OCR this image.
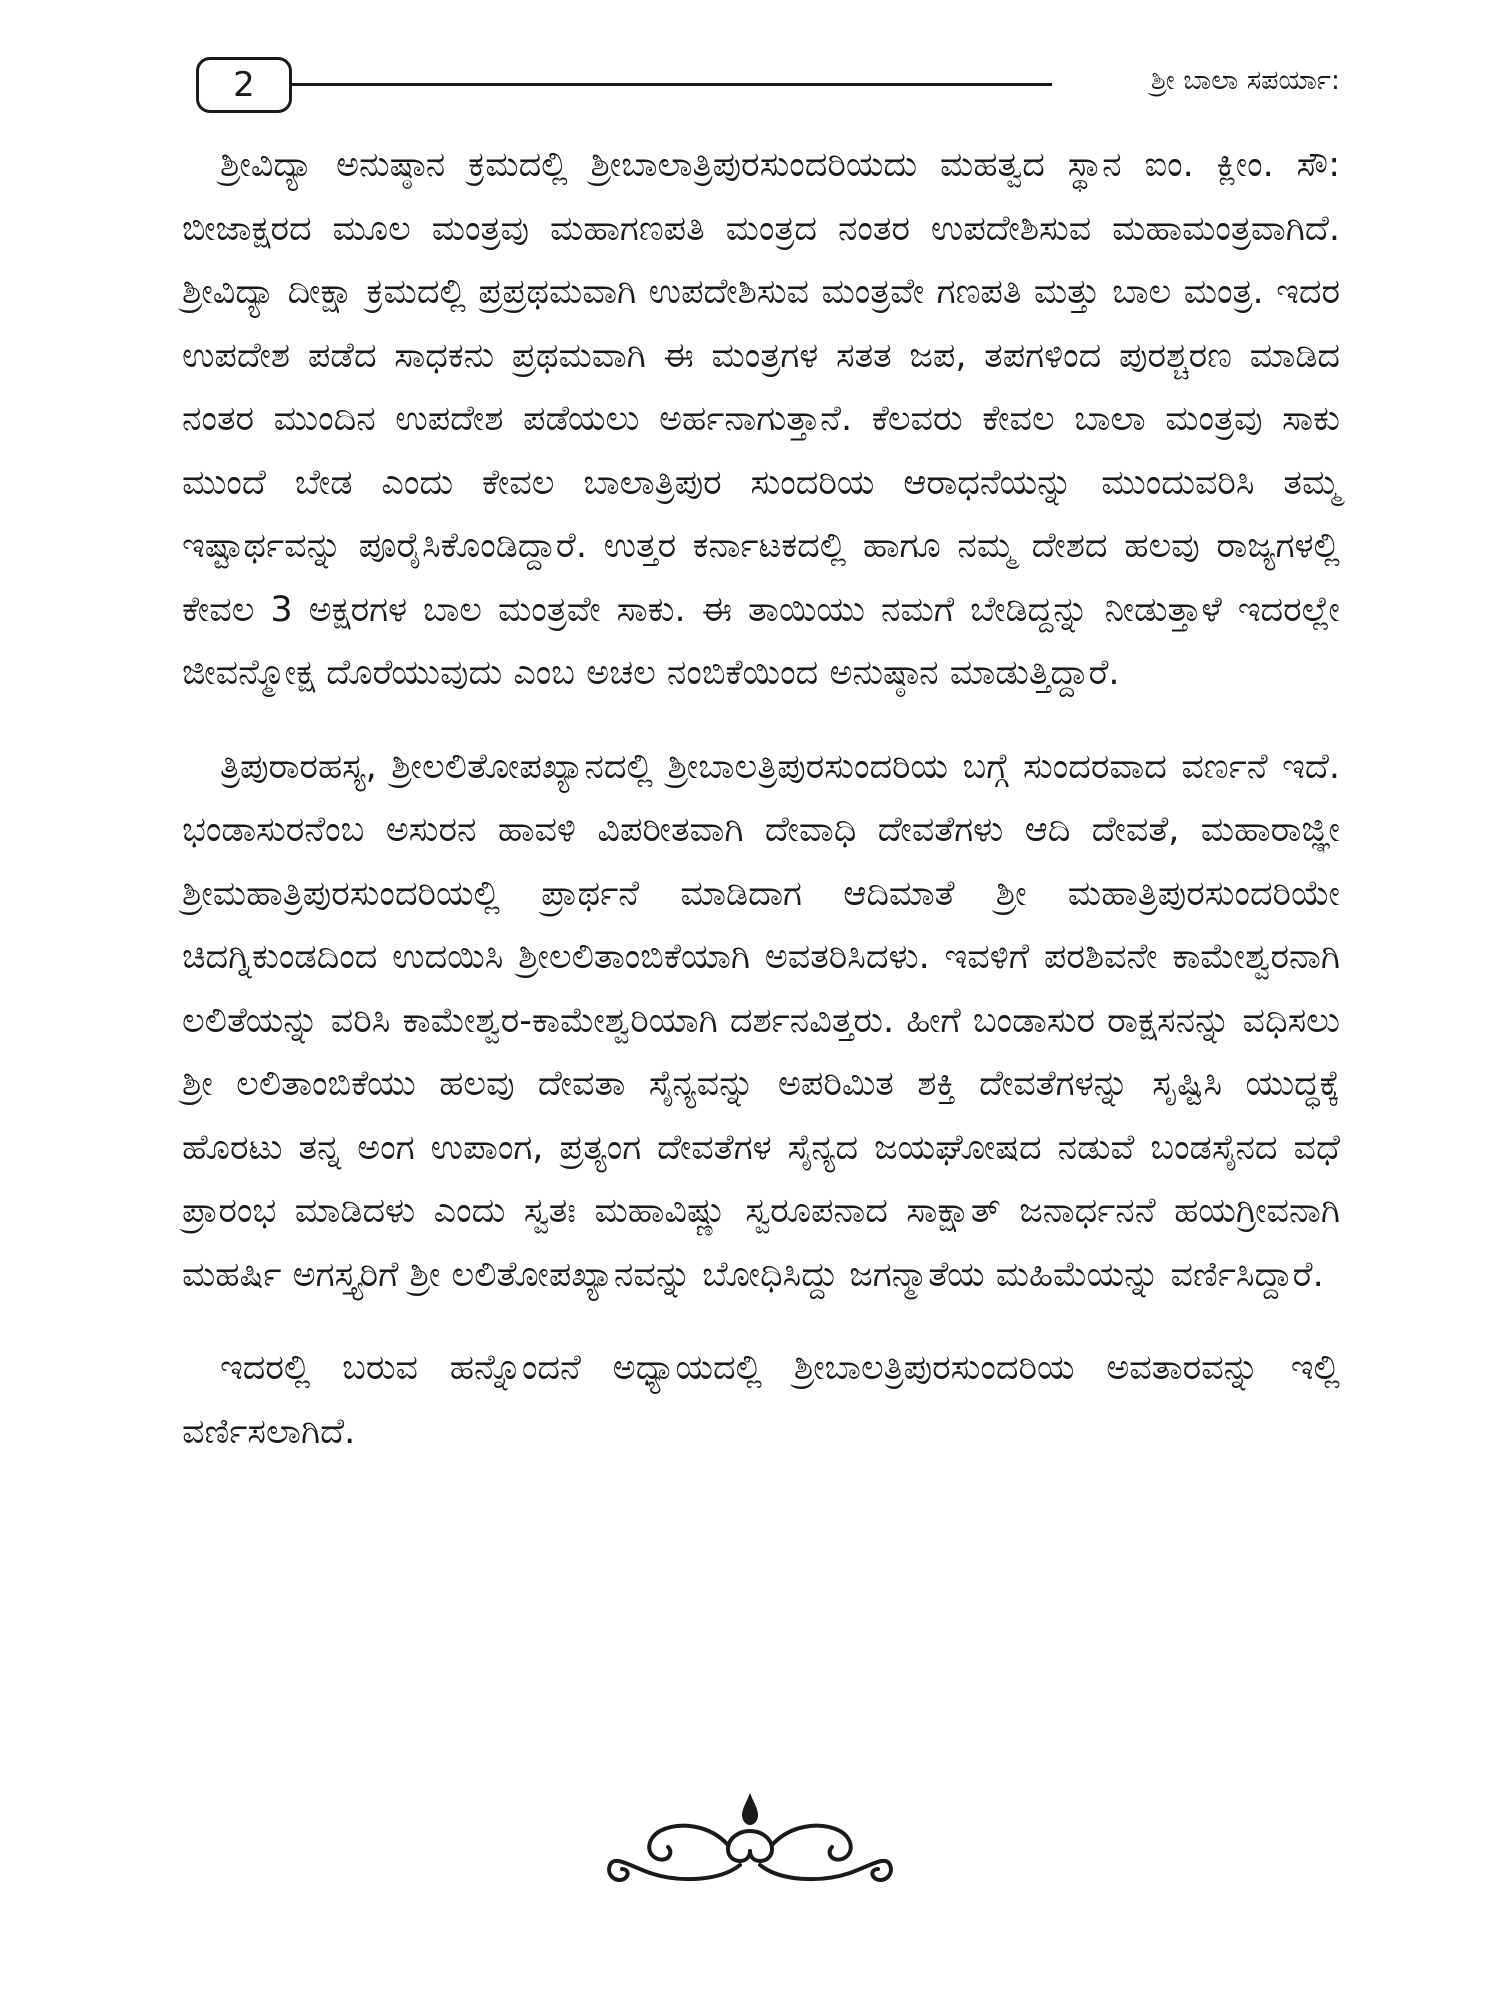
2	ಶ್ರೀ ಬಾಲಾ ಸಪರ್ಯಾ:

ಶ್ರೀವಿದ್ಯಾ ಅನುಷ್ಠಾನ ಕ್ರಮದಲ್ಲಿ ಶ್ರೀಬಾಲಾತ್ರಿಪುರಸುಂದರಿಯದು ಮಹತ್ವದ ಸ್ಥಾನ ಐಂ. ಕ್ಲೀಂ. ಸೌ: ಬೀಜಾಕ್ಷರದ ಮೂಲ ಮಂತ್ರವು ಮಹಾಗಣಪತಿ ಮಂತ್ರದ ನಂತರ ಉಪದೇಶಿಸುವ ಮಹಾಮಂತ್ರವಾಗಿದೆ. ಶ್ರೀವಿದ್ಯಾ ದೀಕ್ಷಾ ಕ್ರಮದಲ್ಲಿ ಪ್ರಪ್ರಥಮವಾಗಿ ಉಪದೇಶಿಸುವ ಮಂತ್ರವೇ ಗಣಪತಿ ಮತ್ತು ಬಾಲ ಮಂತ್ರ. ಇದರ ಉಪದೇಶ ಪಡೆದ ಸಾಧಕನು ಪ್ರಥಮವಾಗಿ ಈ ಮಂತ್ರಗಳ ಸತತ ಜಪ, ತಪಗಳಿಂದ ಪುರಶ್ಚರಣ ಮಾಡಿದ ನಂತರ ಮುಂದಿನ ಉಪದೇಶ ಪಡೆಯಲು ಅರ್ಹನಾಗುತ್ತಾನೆ. ಕೆಲವರು ಕೇವಲ ಬಾಲಾ ಮಂತ್ರವು ಸಾಕು ಮುಂದೆ ಬೇಡ ಎಂದು ಕೇವಲ ಬಾಲಾತ್ರಿಪುರ ಸುಂದರಿಯ ಆರಾಧನೆಯನ್ನು ಮುಂದುವರಿಸಿ ತಮ್ಮ ಇಷ್ಟಾರ್ಥವನ್ನು ಪೂರೈಸಿಕೊಂಡಿದ್ದಾರೆ. ಉತ್ತರ ಕರ್ನಾಟಕದಲ್ಲಿ ಹಾಗೂ ನಮ್ಮ ದೇಶದ ಹಲವು ರಾಜ್ಯಗಳಲ್ಲಿ ಕೇವಲ 3 ಅಕ್ಷರಗಳ ಬಾಲ ಮಂತ್ರವೇ ಸಾಕು. ಈ ತಾಯಿಯು ನಮಗೆ ಬೇಡಿದ್ದನ್ನು ನೀಡುತ್ತಾಳೆ ಇದರಲ್ಲೇ ಜೀವನ್ಮೋಕ್ಷ ದೊರೆಯುವುದು ಎಂಬ ಅಚಲ ನಂಬಿಕೆಯಿಂದ ಅನುಷ್ಠಾನ ಮಾಡುತ್ತಿದ್ದಾರೆ.

ತ್ರಿಪುರಾರಹಸ್ಯ, ಶ್ರೀಲಲಿತೋಪಖ್ಯಾನದಲ್ಲಿ ಶ್ರೀಬಾಲತ್ರಿಪುರಸುಂದರಿಯ ಬಗ್ಗೆ ಸುಂದರವಾದ ವರ್ಣನೆ ಇದೆ. ಭಂಡಾಸುರನೆಂಬ ಅಸುರನ ಹಾವಳಿ ವಿಪರೀತವಾಗಿ ದೇವಾಧಿ ದೇವತೆಗಳು ಆದಿ ದೇವತೆ, ಮಹಾರಾಜ್ಞೀ ಶ್ರೀಮಹಾತ್ರಿಪುರಸುಂದರಿಯಲ್ಲಿ ಪ್ರಾರ್ಥನೆ ಮಾಡಿದಾಗ ಆದಿಮಾತೆ ಶ್ರೀ ಮಹಾತ್ರಿಪುರಸುಂದರಿಯೇ ಚಿದಗ್ನಿಕುಂಡದಿಂದ ಉದಯಿಸಿ ಶ್ರೀಲಲಿತಾಂಬಿಕೆಯಾಗಿ ಅವತರಿಸಿದಳು. ಇವಳಿಗೆ ಪರಶಿವನೇ ಕಾಮೇಶ್ವರನಾಗಿ ಲಲಿತೆಯನ್ನು ವರಿಸಿ ಕಾಮೇಶ್ವರ-ಕಾಮೇಶ್ವರಿಯಾಗಿ ದರ್ಶನವಿತ್ತರು. ಹೀಗೆ ಬಂಡಾಸುರ ರಾಕ್ಷಸನನ್ನು ವಧಿಸಲು ಶ್ರೀ ಲಲಿತಾಂಬಿಕೆಯು ಹಲವು ದೇವತಾ ಸೈನ್ಯವನ್ನು ಅಪರಿಮಿತ ಶಕ್ತಿ ದೇವತೆಗಳನ್ನು ಸೃಷ್ಟಿಸಿ ಯುದ್ಧಕ್ಕೆ ಹೊರಟು ತನ್ನ ಅಂಗ ಉಪಾಂಗ, ಪ್ರತ್ಯಂಗ ದೇವತೆಗಳ ಸೈನ್ಯದ ಜಯಘೋಷದ ನಡುವೆ ಬಂಡಸೈನದ ವಧೆ ಪ್ರಾರಂಭ ಮಾಡಿದಳು ಎಂದು ಸ್ವತಃ ಮಹಾವಿಷ್ಣು ಸ್ವರೂಪನಾದ ಸಾಕ್ಷಾತ್ ಜನಾರ್ಧನನೆ ಹಯಗ್ರೀವನಾಗಿ ಮಹರ್ಷಿ ಅಗಸ್ತ್ಯರಿಗೆ ಶ್ರೀ ಲಲಿತೋಪಖ್ಯಾನವನ್ನು ಬೋಧಿಸಿದ್ದು ಜಗನ್ಮಾತೆಯ ಮಹಿಮೆಯನ್ನು ವರ್ಣಿಸಿದ್ದಾರೆ.

ಇದರಲ್ಲಿ ಬರುವ ಹನ್ನೊಂದನೆ ಅಧ್ಯಾಯದಲ್ಲಿ ಶ್ರೀಬಾಲತ್ರಿಪುರಸುಂದರಿಯ ಅವತಾರವನ್ನು ಇಲ್ಲಿ ವರ್ಣಿಸಲಾಗಿದೆ.
